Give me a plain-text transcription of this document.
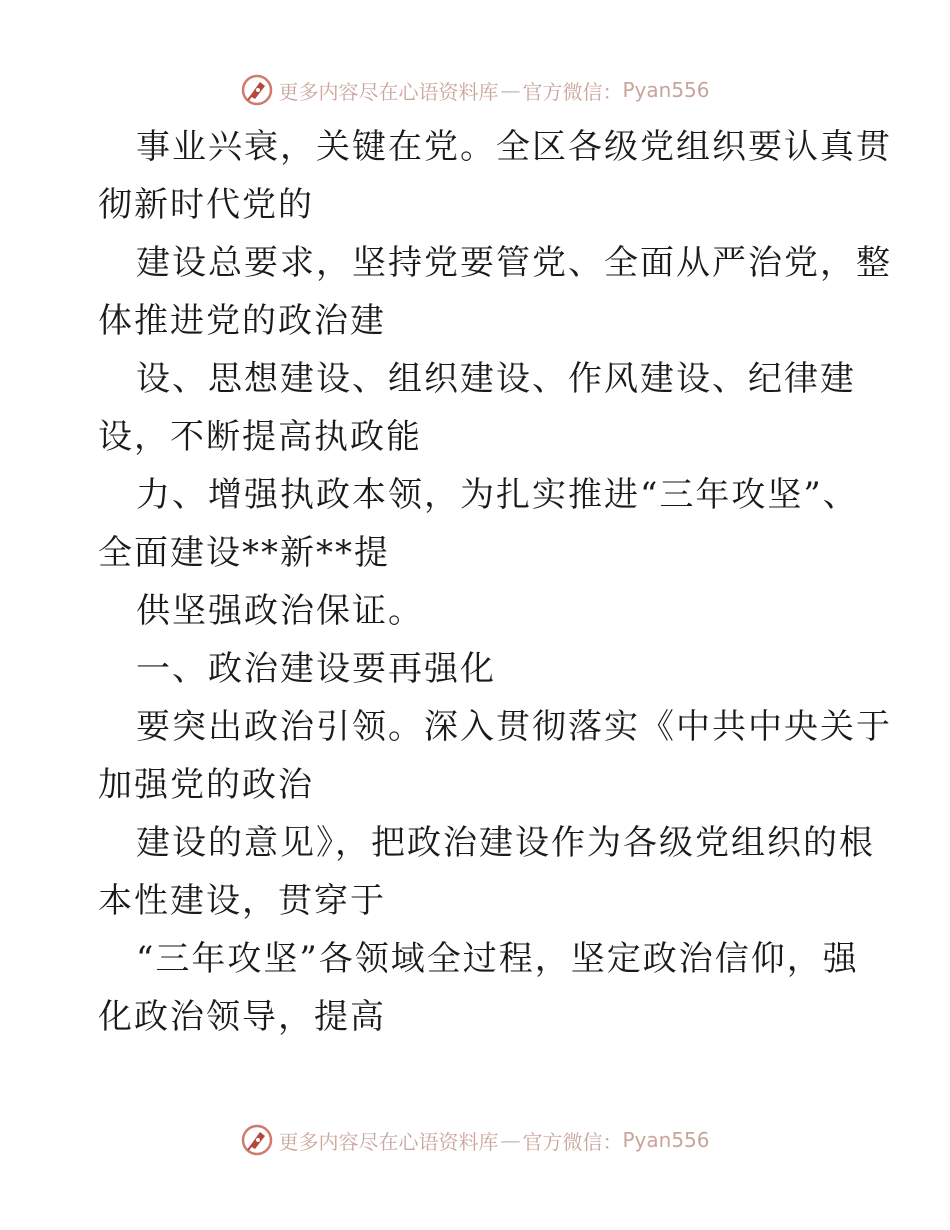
更多内容尽在心语资料库 — 官方微信： Pyan556
事业兴衰，关键在党。全区各级党组织要认真贯
彻新时代党的
建设总要求，坚持党要管党、全面从严治党，整
体推进党的政治建
设、思想建设、组织建设、作风建设、纪律建
设，不断提高执政能
力、增强执政本领，为扎实推进“三年攻坚”、
全面建设**新**提
供坚强政治保证。
一、政治建设要再强化
要突出政治引领。深入贯彻落实《中共中央关于
加强党的政治
建设的意见》，把政治建设作为各级党组织的根
本性建设，贯穿于
“三年攻坚”各领域全过程，坚定政治信仰，强
化政治领导，提高
更多内容尽在心语资料库 — 官方微信： Pyan556
